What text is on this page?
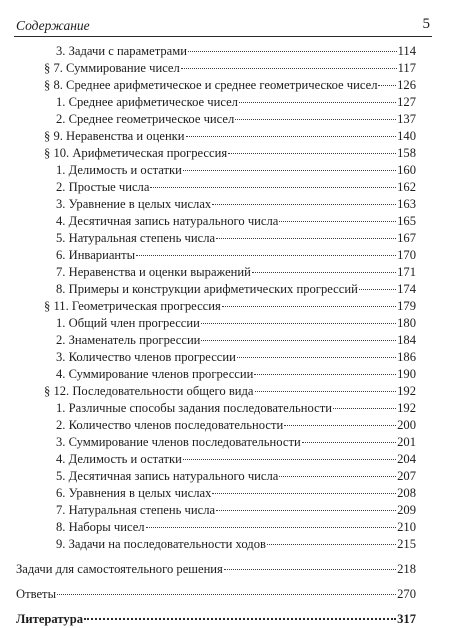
Содержание	5
3. Задачи с параметрами	114
§ 7. Суммирование чисел	117
§ 8. Среднее арифметическое и среднее геометрическое чисел 126
1. Среднее арифметическое чисел	127
2. Среднее геометрическое чисел	137
§ 9. Неравенства и оценки	140
§ 10. Арифметическая прогрессия	158
1. Делимость и остатки	160
2. Простые числа	162
3. Уравнение в целых числах	163
4. Десятичная запись натурального числа	165
5. Натуральная степень числа	167
6. Инварианты	170
7. Неравенства и оценки выражений	171
8. Примеры и конструкции арифметических прогрессий	174
§ 11. Геометрическая прогрессия	179
1. Общий член прогрессии	180
2. Знаменатель прогрессии	184
3. Количество членов прогрессии	186
4. Суммирование членов прогрессии	190
§ 12. Последовательности общего вида	192
1. Различные способы задания последовательности	192
2. Количество членов последовательности	200
3. Суммирование членов последовательности	201
4. Делимость и остатки	204
5. Десятичная запись натурального числа	207
6. Уравнения в целых числах	208
7. Натуральная степень числа	209
8. Наборы чисел	210
9. Задачи на последовательности ходов	215
Задачи для самостоятельного решения	218
Ответы	270
Литература	317
